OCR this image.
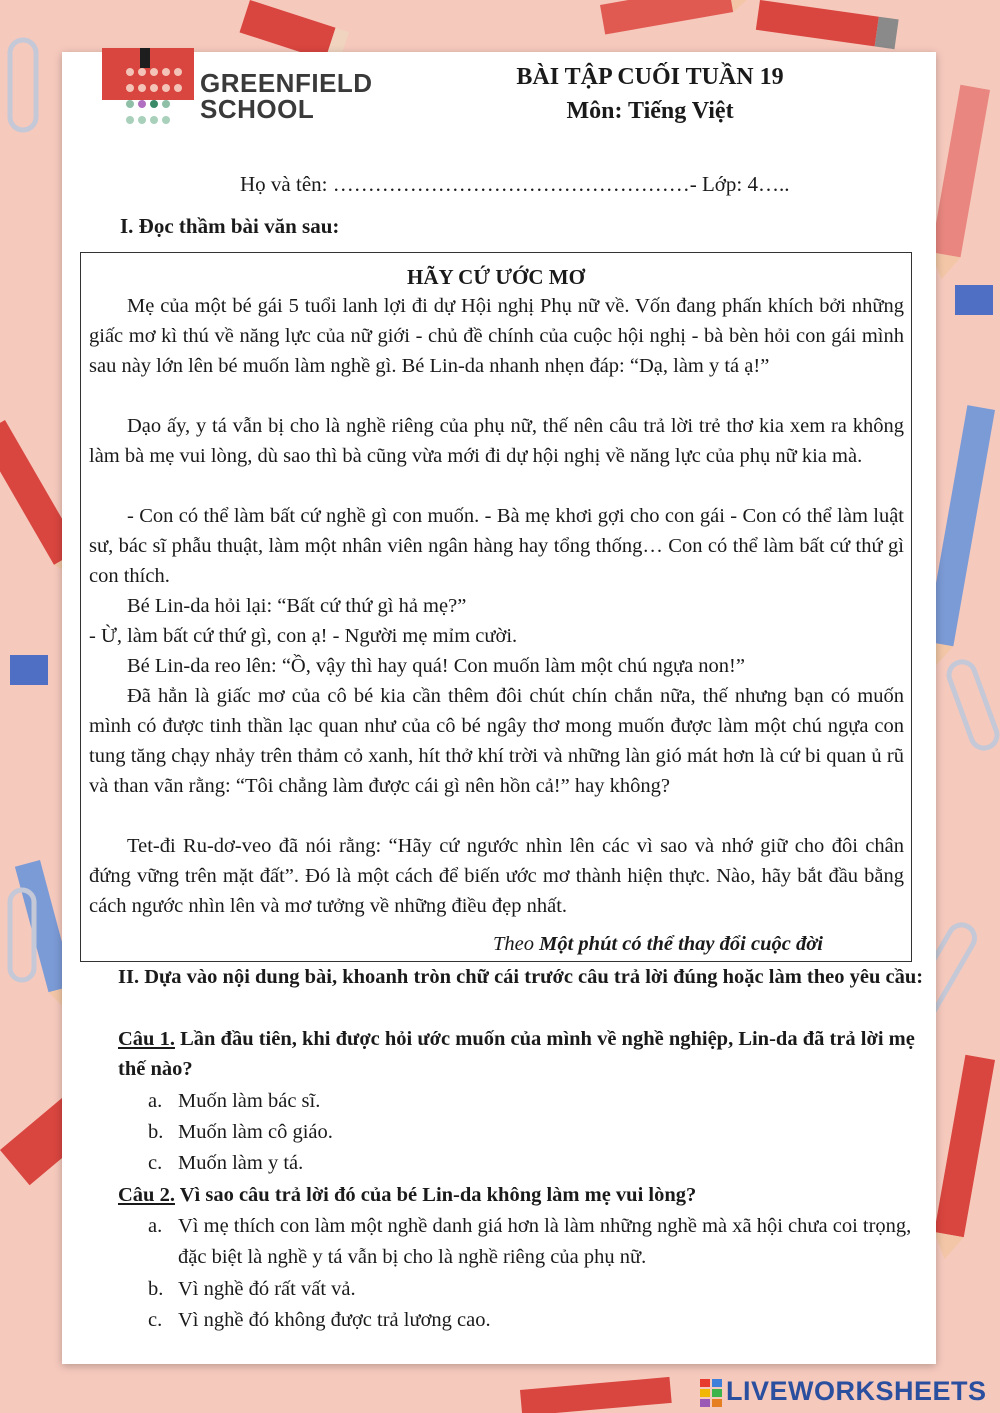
GREENFIELD
SCHOOL
BÀI TẬP CUỐI TUẦN 19
Môn: Tiếng Việt
Họ và tên: ……………………………………………- Lớp: 4…..
I. Đọc thầm bài văn sau:
HÃY CỨ ƯỚC MƠ
Mẹ của một bé gái 5 tuổi lanh lợi đi dự Hội nghị Phụ nữ về. Vốn đang phấn khích bởi những giấc mơ kì thú về năng lực của nữ giới - chủ đề chính của cuộc hội nghị - bà bèn hỏi con gái mình sau này lớn lên bé muốn làm nghề gì. Bé Lin-da nhanh nhẹn đáp: “Dạ, làm y tá ạ!”
Dạo ấy, y tá vẫn bị cho là nghề riêng của phụ nữ, thế nên câu trả lời trẻ thơ kia xem ra không làm bà mẹ vui lòng, dù sao thì bà cũng vừa mới đi dự hội nghị về năng lực của phụ nữ kia mà.
- Con có thể làm bất cứ nghề gì con muốn. - Bà mẹ khơi gợi cho con gái - Con có thể làm luật sư, bác sĩ phẫu thuật, làm một nhân viên ngân hàng hay tổng thống… Con có thể làm bất cứ thứ gì con thích.
Bé Lin-da hỏi lại: “Bất cứ thứ gì hả mẹ?”
- Ừ, làm bất cứ thứ gì, con ạ! - Người mẹ mỉm cười.
Bé Lin-da reo lên: “Ồ, vậy thì hay quá! Con muốn làm một chú ngựa non!”
Đã hẳn là giấc mơ của cô bé kia cần thêm đôi chút chín chắn nữa, thế nhưng bạn có muốn mình có được tinh thần lạc quan như của cô bé ngây thơ mong muốn được làm một chú ngựa con tung tăng chạy nhảy trên thảm cỏ xanh, hít thở khí trời và những làn gió mát hơn là cứ bi quan ủ rũ và than vãn rằng: “Tôi chẳng làm được cái gì nên hồn cả!” hay không?
Tet-đi Ru-dơ-veo đã nói rằng: “Hãy cứ ngước nhìn lên các vì sao và nhớ giữ cho đôi chân đứng vững trên mặt đất”. Đó là một cách để biến ước mơ thành hiện thực. Nào, hãy bắt đầu bằng cách ngước nhìn lên và mơ tưởng về những điều đẹp nhất.
Theo Một phút có thể thay đổi cuộc đời
II. Dựa vào nội dung bài, khoanh tròn chữ cái trước câu trả lời đúng hoặc làm theo yêu cầu:
Câu 1. Lần đầu tiên, khi được hỏi ước muốn của mình về nghề nghiệp, Lin-da đã trả lời mẹ thế nào?
a. Muốn làm bác sĩ.
b. Muốn làm cô giáo.
c. Muốn làm y tá.
Câu 2. Vì sao câu trả lời đó của bé Lin-da không làm mẹ vui lòng?
a. Vì mẹ thích con làm một nghề danh giá hơn là làm những nghề mà xã hội chưa coi trọng, đặc biệt là nghề y tá vẫn bị cho là nghề riêng của phụ nữ.
b. Vì nghề đó rất vất vả.
c. Vì nghề đó không được trả lương cao.
LIVEWORKSHEETS
